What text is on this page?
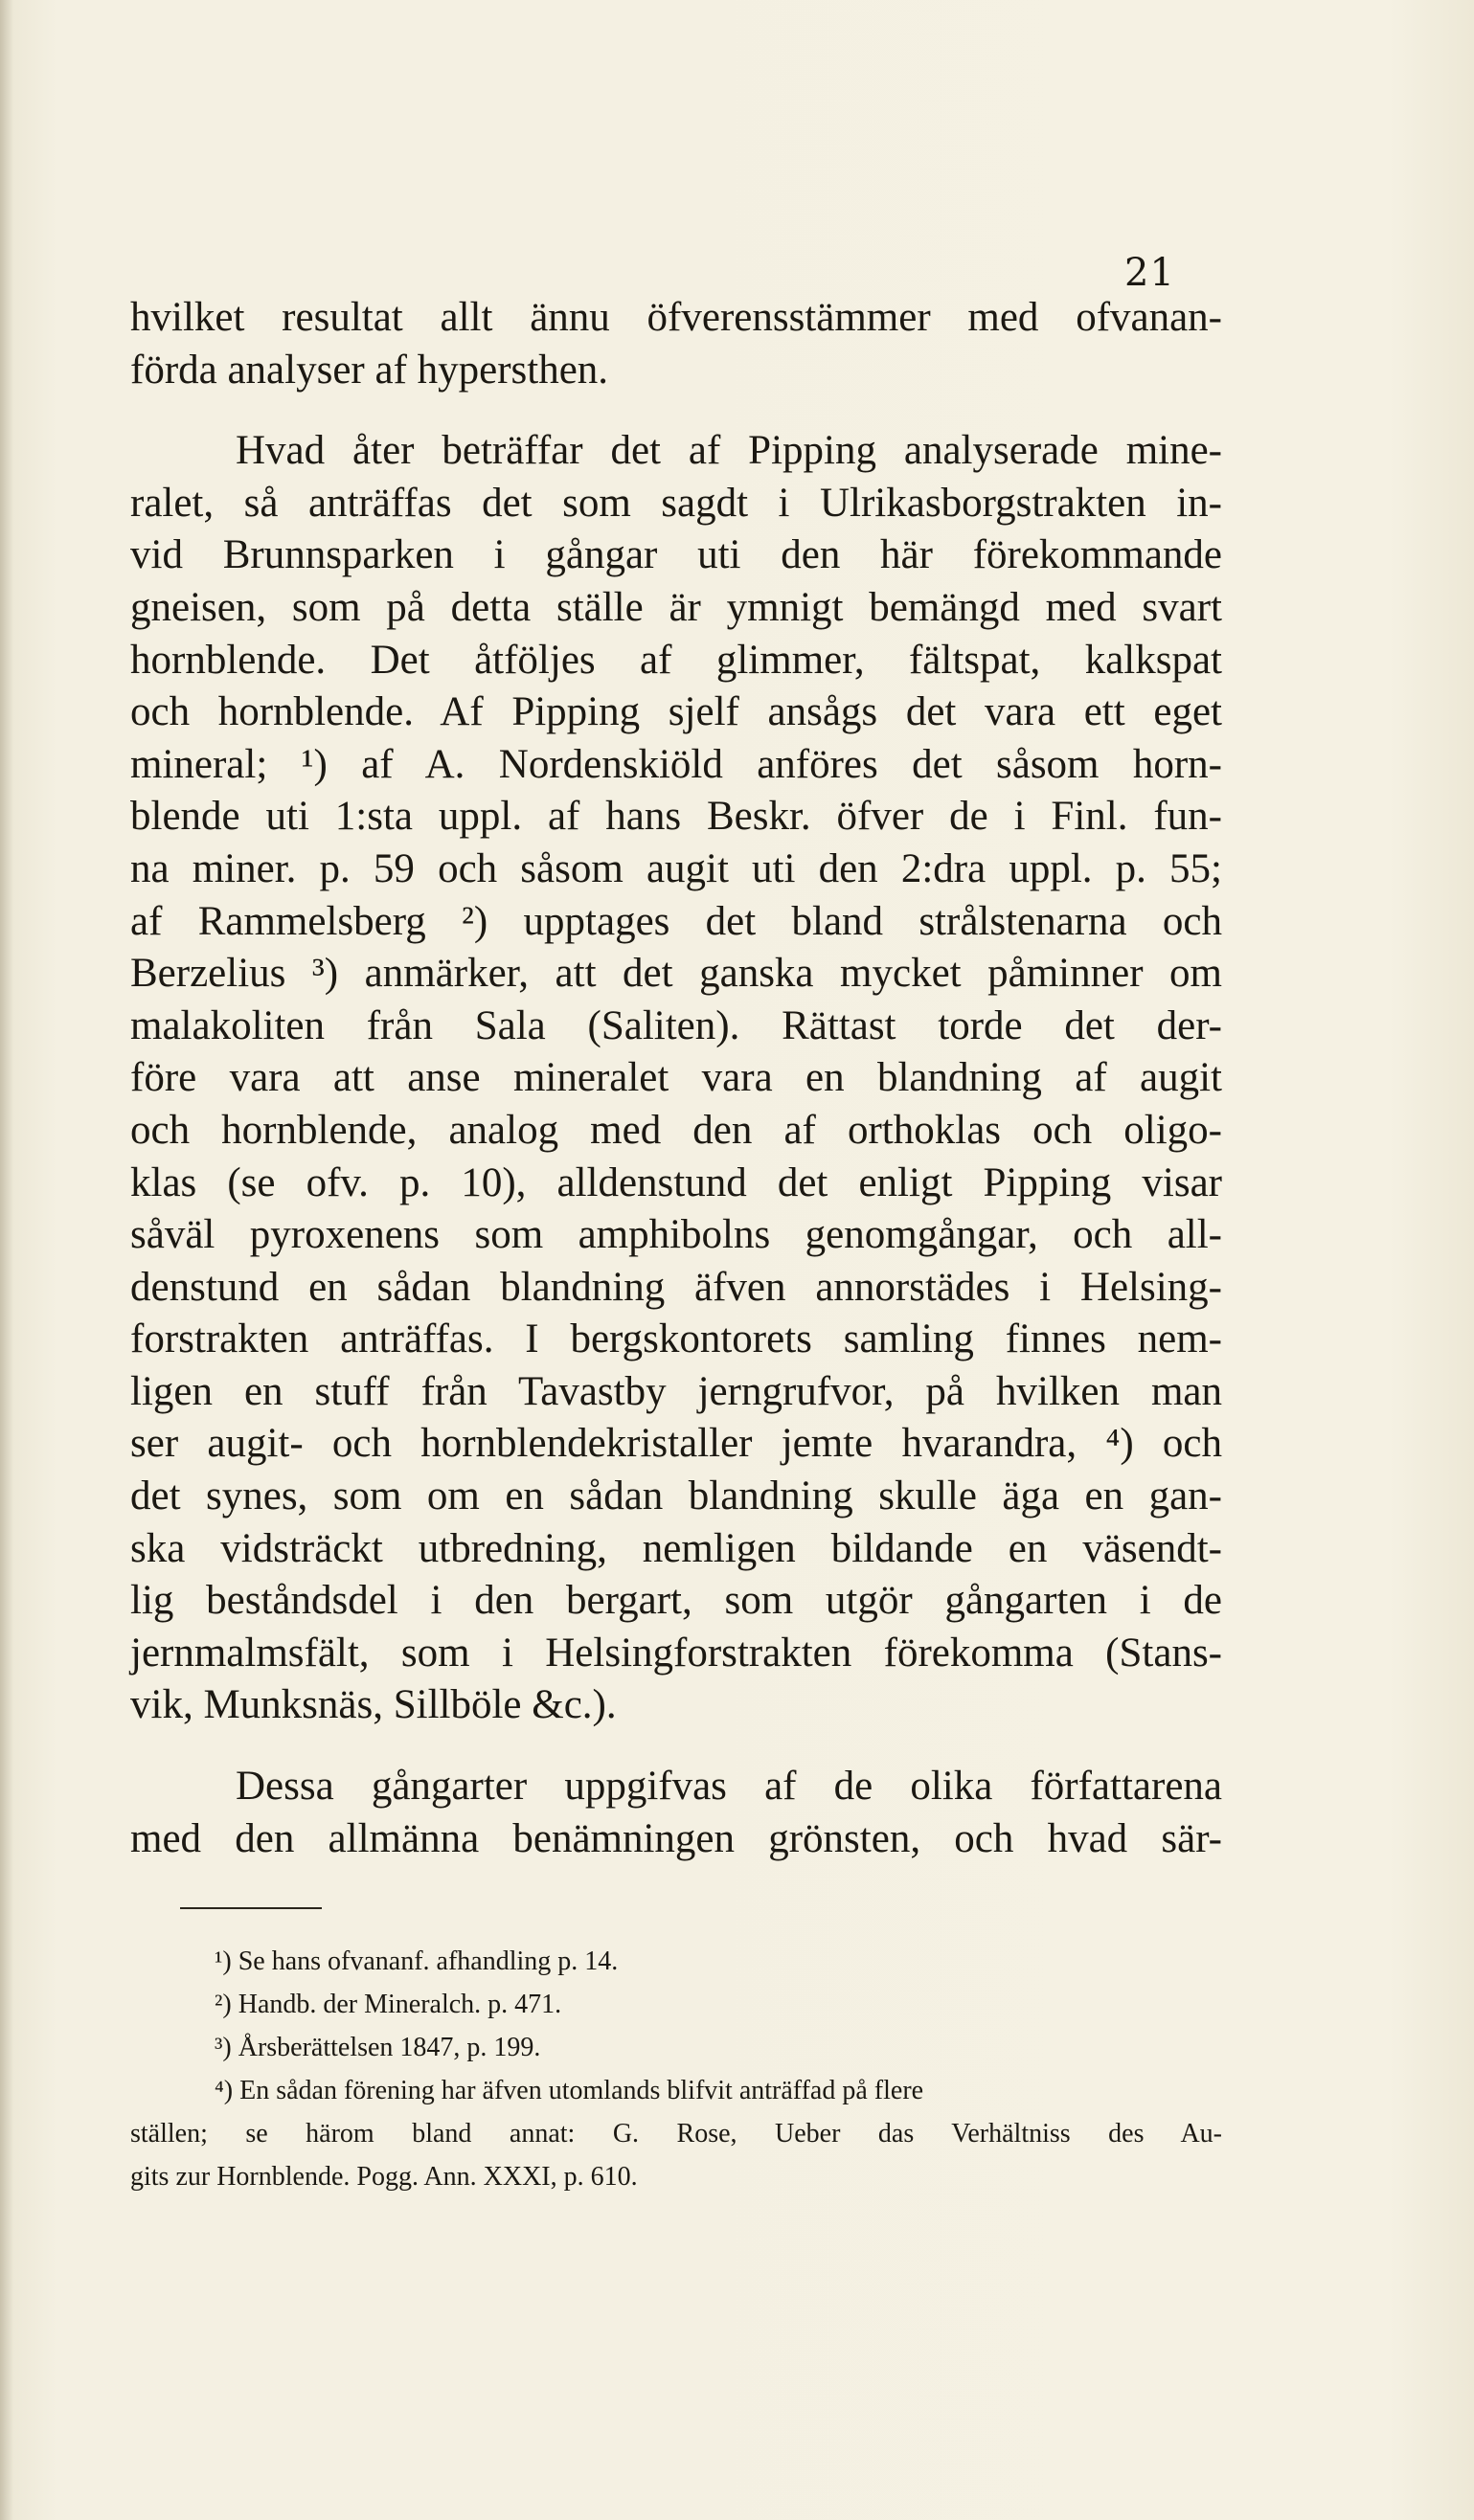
21
hvilket resultat allt ännu öfverensstämmer med ofvanan-
förda analyser af hypersthen.
Hvad åter beträffar det af Pipping analyserade mine-
ralet, så anträffas det som sagdt i Ulrikasborgstrakten in-
vid Brunnsparken i gångar uti den här förekommande
gneisen, som på detta ställe är ymnigt bemängd med svart
hornblende. Det åtföljes af glimmer, fältspat, kalkspat
och hornblende. Af Pipping sjelf ansågs det vara ett eget
mineral; ¹) af A. Nordenskiöld anföres det såsom horn-
blende uti 1:sta uppl. af hans Beskr. öfver de i Finl. fun-
na miner. p. 59 och såsom augit uti den 2:dra uppl. p. 55;
af Rammelsberg ²) upptages det bland strålstenarna och
Berzelius ³) anmärker, att det ganska mycket påminner om
malakoliten från Sala (Saliten). Rättast torde det der-
före vara att anse mineralet vara en blandning af augit
och hornblende, analog med den af orthoklas och oligo-
klas (se ofv. p. 10), alldenstund det enligt Pipping visar
såväl pyroxenens som amphibolns genomgångar, och all-
denstund en sådan blandning äfven annorstädes i Helsing-
forstrakten anträffas. I bergskontorets samling finnes nem-
ligen en stuff från Tavastby jerngrufvor, på hvilken man
ser augit- och hornblendekristaller jemte hvarandra, ⁴) och
det synes, som om en sådan blandning skulle äga en gan-
ska vidsträckt utbredning, nemligen bildande en väsendt-
lig beståndsdel i den bergart, som utgör gångarten i de
jernmalmsfält, som i Helsingforstrakten förekomma (Stans-
vik, Munksnäs, Sillböle &c.).
Dessa gångarter uppgifvas af de olika författarena
med den allmänna benämningen grönsten, och hvad sär-
¹) Se hans ofvananf. afhandling p. 14.
²) Handb. der Mineralch. p. 471.
³) Årsberättelsen 1847, p. 199.
⁴) En sådan förening har äfven utomlands blifvit anträffad på flere
ställen; se härom bland annat: G. Rose, Ueber das Verhältniss des Au-
gits zur Hornblende. Pogg. Ann. XXXI, p. 610.
